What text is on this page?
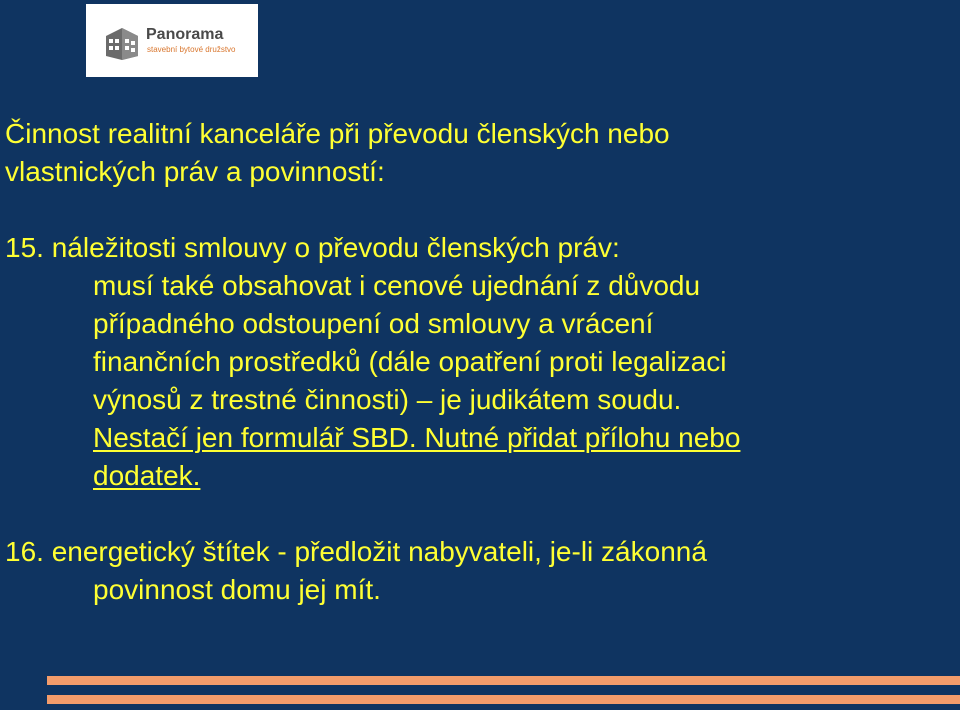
Panorama
stavební bytové družstvo
Činnost realitní kanceláře při převodu členských nebo
vlastnických práv a povinností:
15. náležitosti smlouvy o převodu členských práv:
musí také obsahovat i cenové ujednání z důvodu
případného odstoupení od smlouvy a vrácení
finančních prostředků (dále opatření proti legalizaci
výnosů z trestné činnosti) – je judikátem soudu.
Nestačí jen formulář SBD. Nutné přidat přílohu nebo
dodatek.
16. energetický štítek - předložit nabyvateli, je-li zákonná
povinnost domu jej mít.
